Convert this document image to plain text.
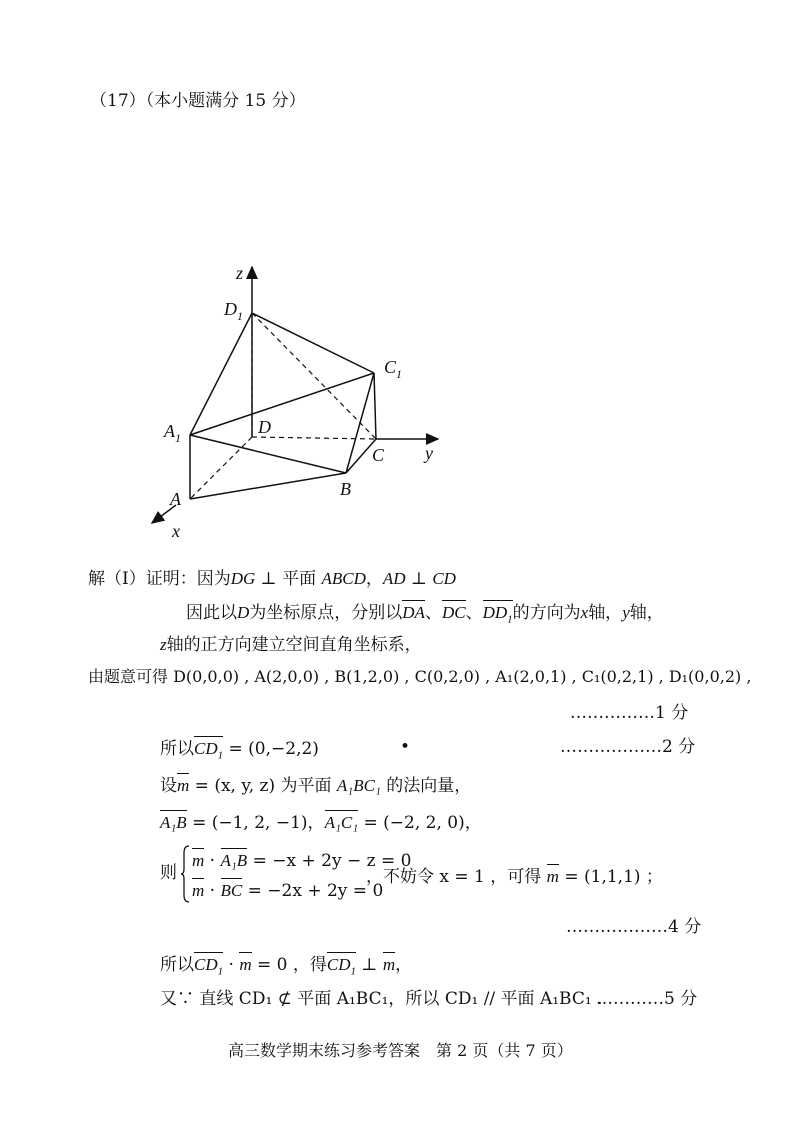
（17）（本小题满分 15 分）
z
$D_1$
$C_1$
$A_1$
D
C y
B
A
x
解（Ⅰ）证明：因为DG ⊥ 平面 ABCD，AD ⊥ CD
因此以D为坐标原点，分别以DA、DC、$DD_1$的方向为x轴，y轴，
z轴的正方向建立空间直角坐标系，
由题意可得 D(0,0,0) , A(2,0,0) , B(1,2,0) , C(0,2,0) , A₁(2,0,1) , C₁(0,2,1) , D₁(0,0,2) ,
……………1 分
所以$CD_1 = (0,-2,2)$	•	………………2 分
设m = (x, y, z) 为平面 A₁BC₁ 的法向量，
A₁B = (−1, 2, −1)，A₁C₁ = (−2, 2, 0)，
则
m · A₁B = −x + 2y − z = 0
m · BC = −2x + 2y = 0
，不妨令 x = 1 ，可得 m = (1,1,1) ；
………………4 分
所以$CD_1 \cdot m = 0$ ，得$CD_1$ ⊥ m，
又∵ 直线 CD₁ ⊄ 平面 A₁BC₁，所以 CD₁ // 平面 A₁BC₁ .
…………5 分
高三数学期末练习参考答案　第 2 页（共 7 页）
